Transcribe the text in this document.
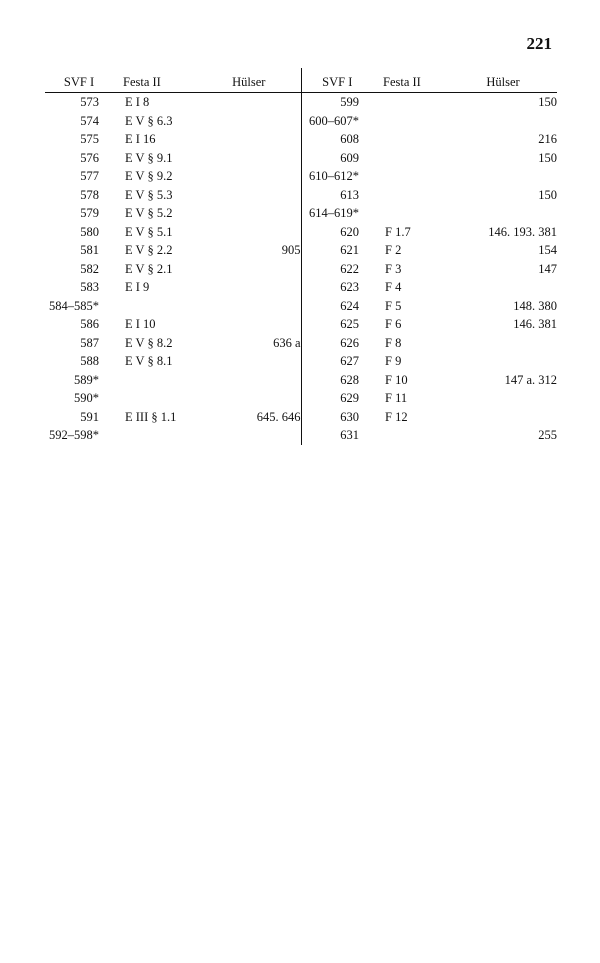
221
SVF I	Festa II	Hülser	SVF I	Festa II	Hülser
573	E I 8		599		150
574	E V § 6.3		600–607*		
575	E I 16		608		216
576	E V § 9.1		609		150
577	E V § 9.2		610–612*		
578	E V § 5.3		613		150
579	E V § 5.2		614–619*		
580	E V § 5.1		620	F 1.7	146. 193. 381
581	E V § 2.2	905	621	F 2	154
582	E V § 2.1		622	F 3	147
583	E I 9		623	F 4	
584–585*			624	F 5	148. 380
586	E I 10		625	F 6	146. 381
587	E V § 8.2	636 a	626	F 8	
588	E V § 8.1		627	F 9	
589*			628	F 10	147 a. 312
590*			629	F 11	
591	E III § 1.1	645. 646	630	F 12	
592–598*			631		255
